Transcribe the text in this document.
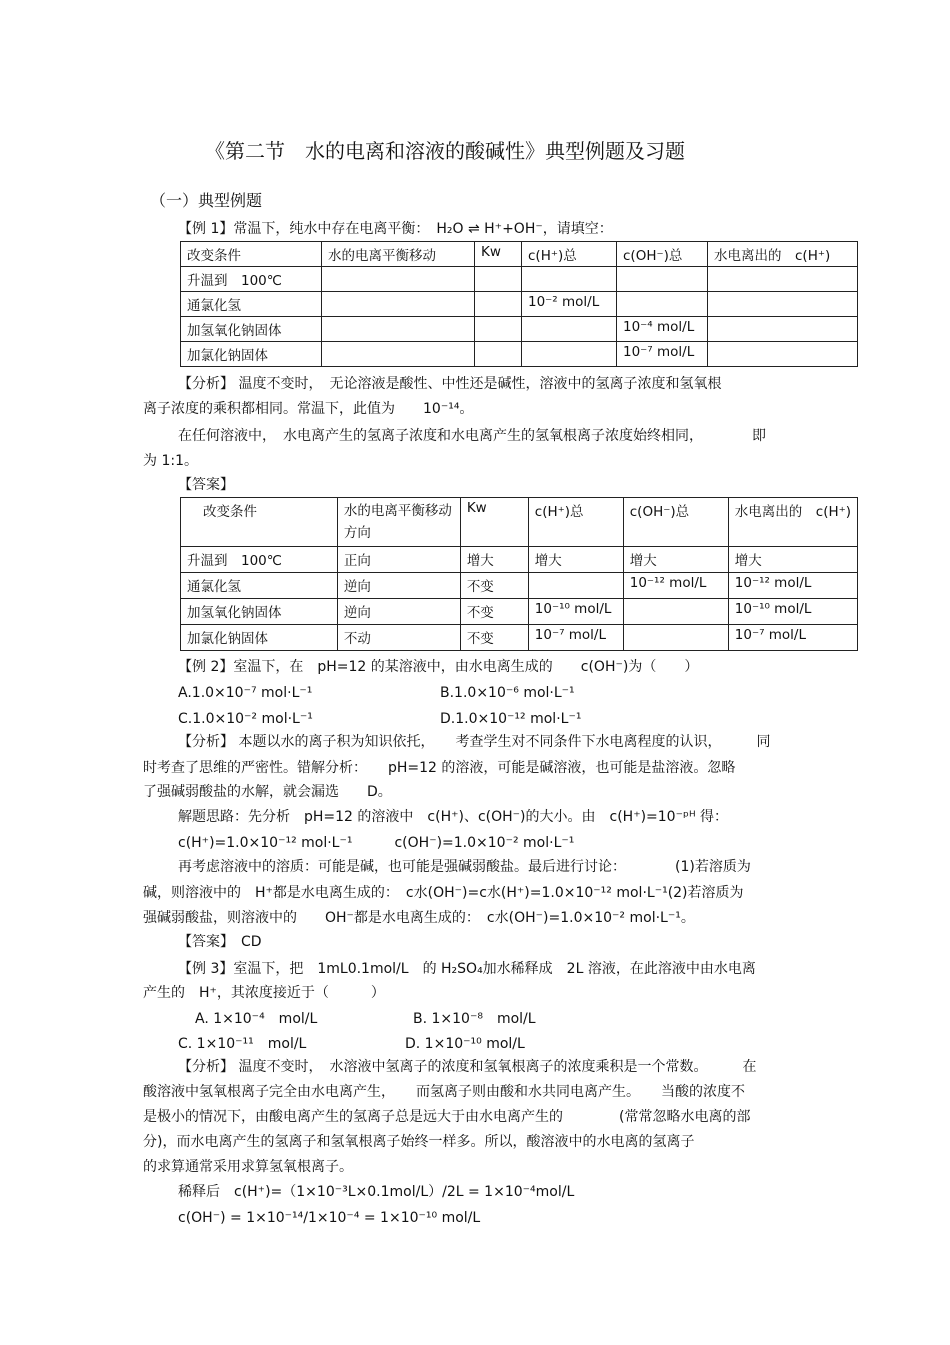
《第二节　水的电离和溶液的酸碱性》典型例题及习题
（一）典型例题
【例 1】常温下，纯水中存在电离平衡：　H₂O ⇌ H⁺+OH⁻，请填空：
改变条件	水的电离平衡移动	Kw	c(H⁺)总	c(OH⁻)总	水电离出的　c(H⁺)
升温到　100℃					
通氯化氢			10⁻² mol/L		
加氢氧化钠固体				10⁻⁴ mol/L	
加氯化钠固体				10⁻⁷ mol/L	
【分析】 温度不变时，　无论溶液是酸性、中性还是碱性，溶液中的氢离子浓度和氢氧根
离子浓度的乘积都相同。常温下，此值为　　10⁻¹⁴。
在任何溶液中，　水电离产生的氢离子浓度和水电离产生的氢氧根离子浓度始终相同，　　　　即
为 1:1。
【答案】
改变条件	水的电离平衡移动方向	Kw	c(H⁺)总	c(OH⁻)总	水电离出的　c(H⁺)
升温到　100℃	正向	增大	增大	增大	增大
通氯化氢	逆向	不变		10⁻¹² mol/L	10⁻¹² mol/L
加氢氧化钠固体	逆向	不变	10⁻¹⁰ mol/L		10⁻¹⁰ mol/L
加氯化钠固体	不动	不变	10⁻⁷ mol/L		10⁻⁷ mol/L
【例 2】室温下，在　pH=12 的某溶液中，由水电离生成的　　c(OH⁻)为（　　）
A.1.0×10⁻⁷ mol·L⁻¹	B.1.0×10⁻⁶ mol·L⁻¹
C.1.0×10⁻² mol·L⁻¹	D.1.0×10⁻¹² mol·L⁻¹
【分析】 本题以水的离子积为知识依托，　　考查学生对不同条件下水电离程度的认识，　　　同
时考查了思维的严密性。错解分析：　　pH=12 的溶液，可能是碱溶液，也可能是盐溶液。忽略
了强碱弱酸盐的水解，就会漏选　　D。
解题思路：先分析　pH=12 的溶液中　c(H⁺)、c(OH⁻)的大小。由　c(H⁺)=10⁻ᵖᴴ 得：
c(H⁺)=1.0×10⁻¹² mol·L⁻¹　　　c(OH⁻)=1.0×10⁻² mol·L⁻¹
再考虑溶液中的溶质：可能是碱，也可能是强碱弱酸盐。最后进行讨论：　　　　(1)若溶质为
碱，则溶液中的　H⁺都是水电离生成的：　c水(OH⁻)=c水(H⁺)=1.0×10⁻¹² mol·L⁻¹(2)若溶质为
强碱弱酸盐，则溶液中的　　OH⁻都是水电离生成的：　c水(OH⁻)=1.0×10⁻² mol·L⁻¹。
【答案】　CD
【例 3】室温下，把　1mL0.1mol/L　的 H₂SO₄加水稀释成　2L 溶液，在此溶液中由水电离
产生的　H⁺，其浓度接近于（　　　）
A. 1×10⁻⁴　mol/L	B. 1×10⁻⁸　mol/L
C. 1×10⁻¹¹　mol/L	D. 1×10⁻¹⁰ mol/L
【分析】 温度不变时，　水溶液中氢离子的浓度和氢氧根离子的浓度乘积是一个常数。　　　在
酸溶液中氢氧根离子完全由水电离产生，　　而氢离子则由酸和水共同电离产生。　　当酸的浓度不
是极小的情况下，由酸电离产生的氢离子总是远大于由水电离产生的　　　　(常常忽略水电离的部
分)，而水电离产生的氢离子和氢氧根离子始终一样多。所以，酸溶液中的水电离的氢离子
的求算通常采用求算氢氧根离子。
稀释后　c(H⁺)=（1×10⁻³L×0.1mol/L）/2L = 1×10⁻⁴mol/L
c(OH⁻) = 1×10⁻¹⁴/1×10⁻⁴ = 1×10⁻¹⁰ mol/L
